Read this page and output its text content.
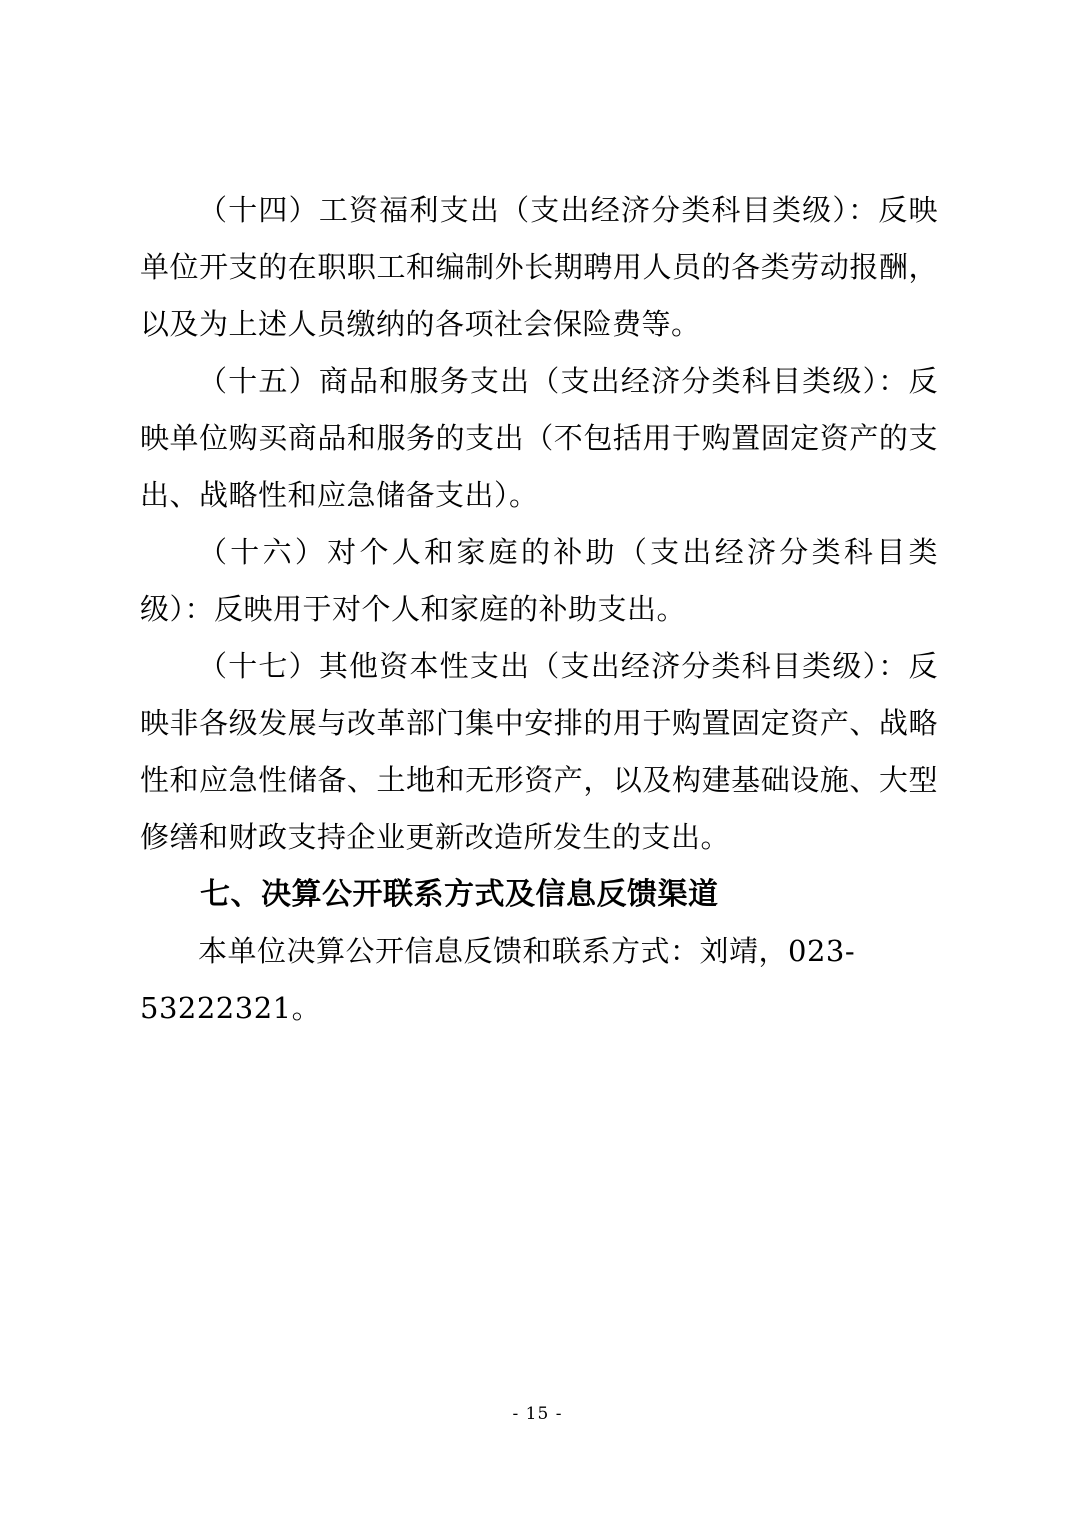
（十四）工资福利支出（支出经济分类科目类级）：反映单位开支的在职职工和编制外长期聘用人员的各类劳动报酬，以及为上述人员缴纳的各项社会保险费等。

（十五）商品和服务支出（支出经济分类科目类级）：反映单位购买商品和服务的支出（不包括用于购置固定资产的支出、战略性和应急储备支出）。

（十六）对个人和家庭的补助（支出经济分类科目类级）：反映用于对个人和家庭的补助支出。

（十七）其他资本性支出（支出经济分类科目类级）：反映非各级发展与改革部门集中安排的用于购置固定资产、战略性和应急性储备、土地和无形资产，以及构建基础设施、大型修缮和财政支持企业更新改造所发生的支出。

七、决算公开联系方式及信息反馈渠道

本单位决算公开信息反馈和联系方式：刘靖，023-53222321。

- 15 -
